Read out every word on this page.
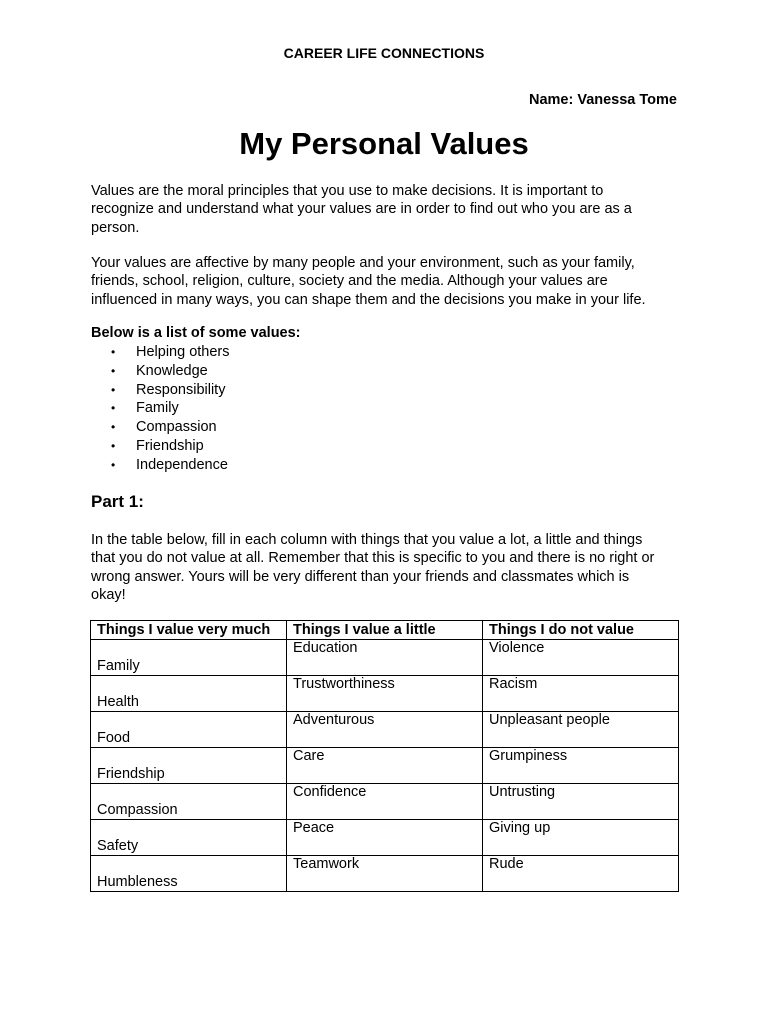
CAREER LIFE CONNECTIONS
Name: Vanessa Tome
My Personal Values

Values are the moral principles that you use to make decisions. It is important to
recognize and understand what your values are in order to find out who you are as a
person.

Your values are affective by many people and your environment, such as your family,
friends, school, religion, culture, society and the media. Although your values are
influenced in many ways, you can shape them and the decisions you make in your life.

Below is a list of some values:
• Helping others
• Knowledge
• Responsibility
• Family
• Compassion
• Friendship
• Independence
Part 1:

In the table below, fill in each column with things that you value a lot, a little and things
that you do not value at all. Remember that this is specific to you and there is no right or
wrong answer. Yours will be very different than your friends and classmates which is
okay!

Things I value very much	Things I value a little	Things I do not value
Family	Education	Violence
Health	Trustworthiness	Racism
Food	Adventurous	Unpleasant people
Friendship	Care	Grumpiness
Compassion	Confidence	Untrusting
Safety	Peace	Giving up
Humbleness	Teamwork	Rude
